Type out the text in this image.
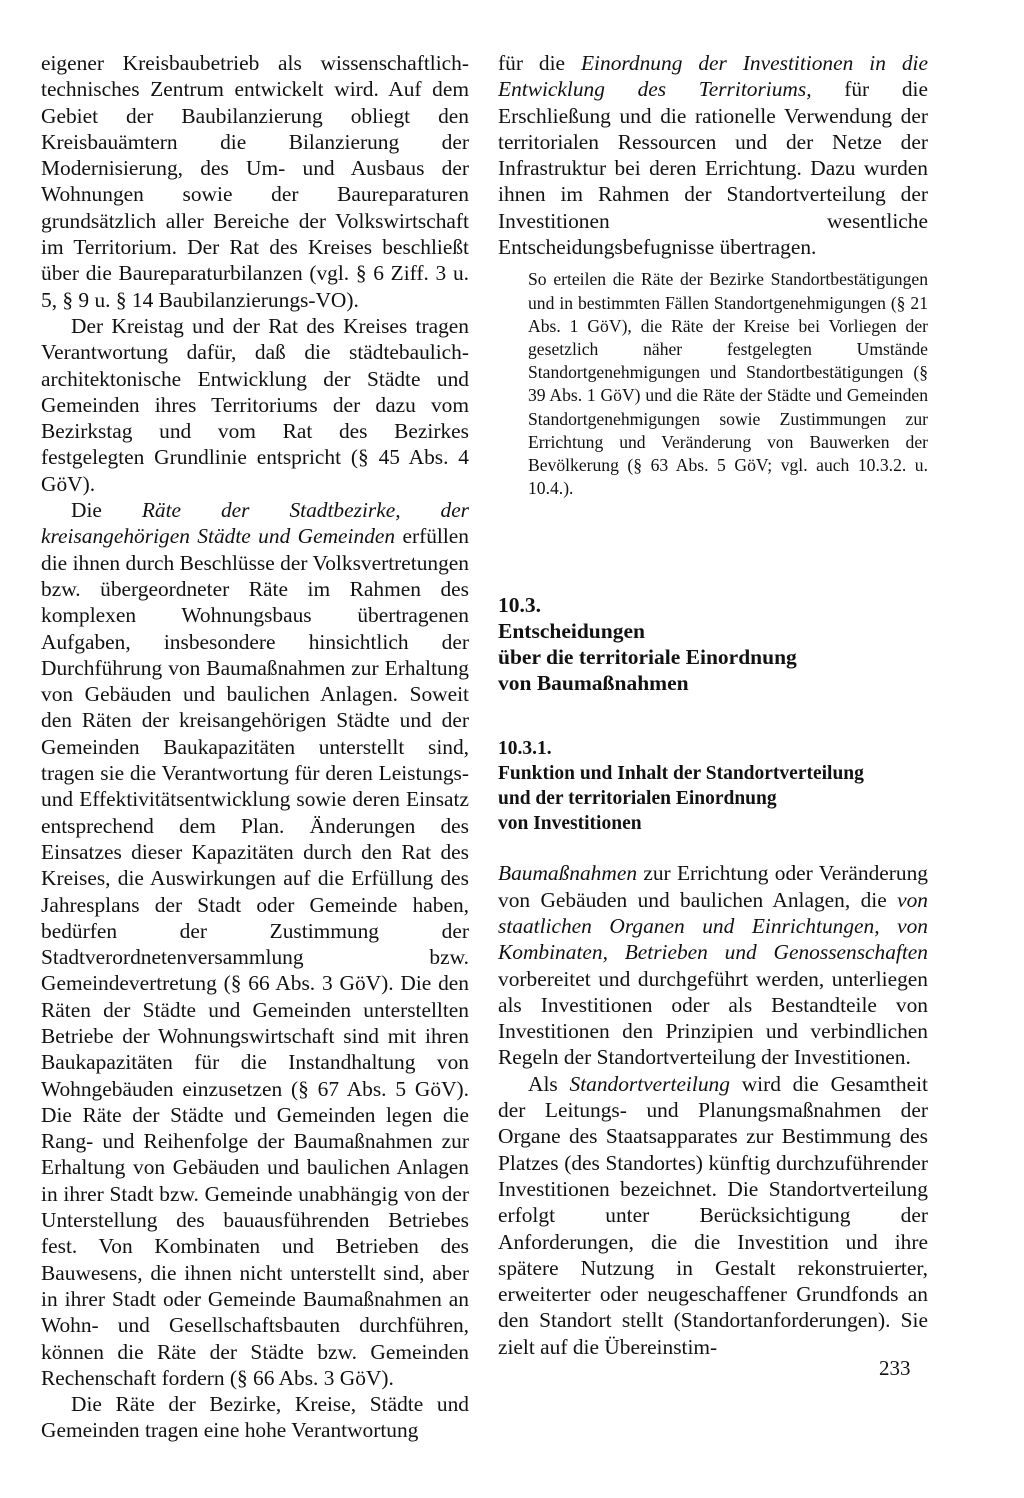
eigener Kreisbaubetrieb als wissenschaftlich-technisches Zentrum entwickelt wird. Auf dem Gebiet der Baubilanzierung obliegt den Kreisbauämtern die Bilanzierung der Modernisierung, des Um- und Ausbaus der Wohnungen sowie der Baureparaturen grundsätzlich aller Bereiche der Volkswirtschaft im Territorium. Der Rat des Kreises beschließt über die Baureparaturbilanzen (vgl. § 6 Ziff. 3 u. 5, § 9 u. § 14 Baubilanzierungs-VO).

Der Kreistag und der Rat des Kreises tragen Verantwortung dafür, daß die städtebaulich-architektonische Entwicklung der Städte und Gemeinden ihres Territoriums der dazu vom Bezirkstag und vom Rat des Bezirkes festgelegten Grundlinie entspricht (§ 45 Abs. 4 GöV).

Die Räte der Stadtbezirke, der kreisangehörigen Städte und Gemeinden erfüllen die ihnen durch Beschlüsse der Volksvertretungen bzw. übergeordneter Räte im Rahmen des komplexen Wohnungsbaus übertragenen Aufgaben, insbesondere hinsichtlich der Durchführung von Baumaßnahmen zur Erhaltung von Gebäuden und baulichen Anlagen. Soweit den Räten der kreisangehörigen Städte und der Gemeinden Baukapazitäten unterstellt sind, tragen sie die Verantwortung für deren Leistungs- und Effektivitätsentwicklung sowie deren Einsatz entsprechend dem Plan. Änderungen des Einsatzes dieser Kapazitäten durch den Rat des Kreises, die Auswirkungen auf die Erfüllung des Jahresplans der Stadt oder Gemeinde haben, bedürfen der Zustimmung der Stadtverordnetenversammlung bzw. Gemeindevertretung (§ 66 Abs. 3 GöV). Die den Räten der Städte und Gemeinden unterstellten Betriebe der Wohnungswirtschaft sind mit ihren Baukapazitäten für die Instandhaltung von Wohngebäuden einzusetzen (§ 67 Abs. 5 GöV). Die Räte der Städte und Gemeinden legen die Rang- und Reihenfolge der Baumaßnahmen zur Erhaltung von Gebäuden und baulichen Anlagen in ihrer Stadt bzw. Gemeinde unabhängig von der Unterstellung des bauausführenden Betriebes fest. Von Kombinaten und Betrieben des Bauwesens, die ihnen nicht unterstellt sind, aber in ihrer Stadt oder Gemeinde Baumaßnahmen an Wohn- und Gesellschaftsbauten durchführen, können die Räte der Städte bzw. Gemeinden Rechenschaft fordern (§ 66 Abs. 3 GöV).

Die Räte der Bezirke, Kreise, Städte und Gemeinden tragen eine hohe Verantwortung

für die Einordnung der Investitionen in die Entwicklung des Territoriums, für die Erschließung und die rationelle Verwendung der territorialen Ressourcen und der Netze der Infrastruktur bei deren Errichtung. Dazu wurden ihnen im Rahmen der Standortverteilung der Investitionen wesentliche Entscheidungsbefugnisse übertragen.

So erteilen die Räte der Bezirke Standortbestätigungen und in bestimmten Fällen Standortgenehmigungen (§ 21 Abs. 1 GöV), die Räte der Kreise bei Vorliegen der gesetzlich näher festgelegten Umstände Standortgenehmigungen und Standortbestätigungen (§ 39 Abs. 1 GöV) und die Räte der Städte und Gemeinden Standortgenehmigungen sowie Zustimmungen zur Errichtung und Veränderung von Bauwerken der Bevölkerung (§ 63 Abs. 5 GöV; vgl. auch 10.3.2. u. 10.4.).

10.3.

Entscheidungen

über die territoriale Einordnung

von Baumaßnahmen

10.3.1.

Funktion und Inhalt der Standortverteilung

und der territorialen Einordnung

von Investitionen

Baumaßnahmen zur Errichtung oder Veränderung von Gebäuden und baulichen Anlagen, die von staatlichen Organen und Einrichtungen, von Kombinaten, Betrieben und Genossenschaften vorbereitet und durchgeführt werden, unterliegen als Investitionen oder als Bestandteile von Investitionen den Prinzipien und verbindlichen Regeln der Standortverteilung der Investitionen.

Als Standortverteilung wird die Gesamtheit der Leitungs- und Planungsmaßnahmen der Organe des Staatsapparates zur Bestimmung des Platzes (des Standortes) künftig durchzuführender Investitionen bezeichnet. Die Standortverteilung erfolgt unter Berücksichtigung der Anforderungen, die die Investition und ihre spätere Nutzung in Gestalt rekonstruierter, erweiterter oder neugeschaffener Grundfonds an den Standort stellt (Standortanforderungen). Sie zielt auf die Übereinstim-

233
